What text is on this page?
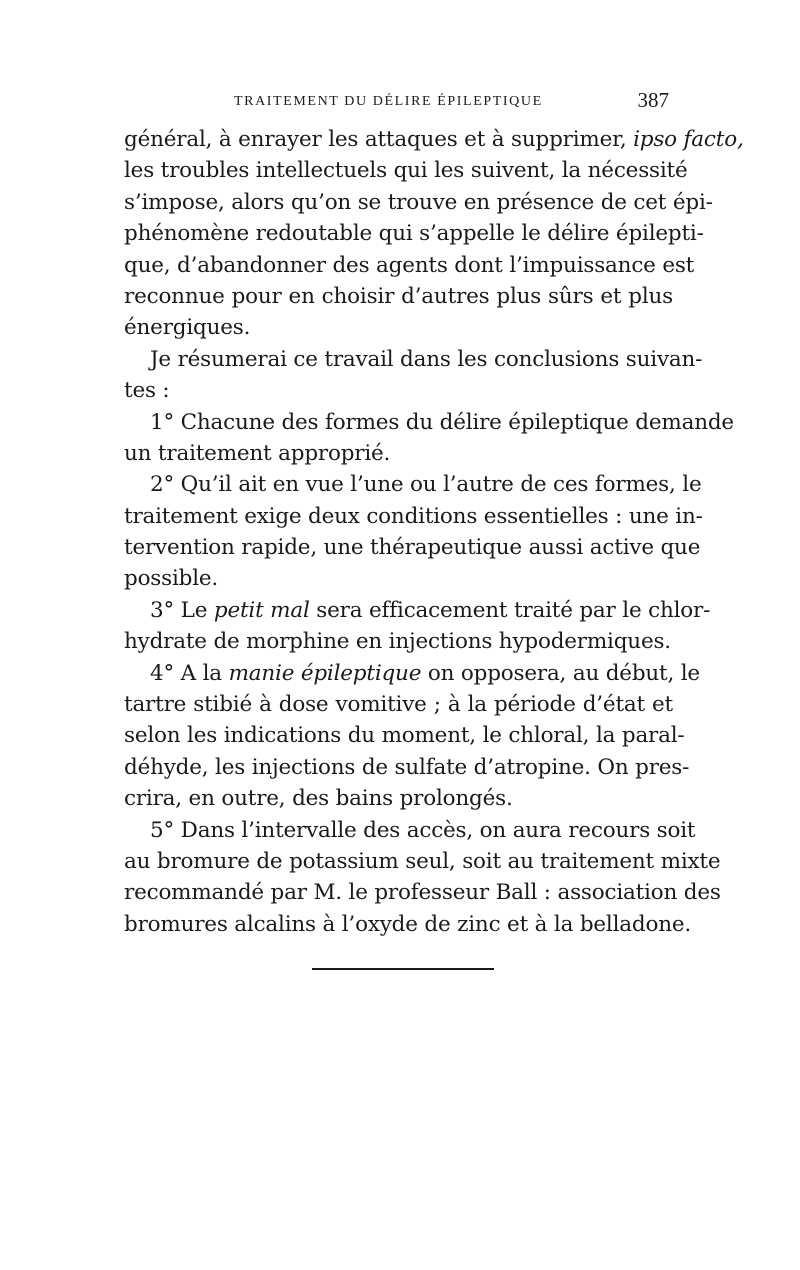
TRAITEMENT DU DÉLIRE ÉPILEPTIQUE	387
général, à enrayer les attaques et à supprimer, ipso facto,
les troubles intellectuels qui les suivent, la nécessité
s’impose, alors qu’on se trouve en présence de cet épi-
phénomène redoutable qui s’appelle le délire épilepti-
que, d’abandonner des agents dont l’impuissance est
reconnue pour en choisir d’autres plus sûrs et plus
énergiques.
Je résumerai ce travail dans les conclusions suivan-
tes :
1° Chacune des formes du délire épileptique demande
un traitement approprié.
2° Qu’il ait en vue l’une ou l’autre de ces formes, le
traitement exige deux conditions essentielles : une in-
tervention rapide, une thérapeutique aussi active que
possible.
3° Le petit mal sera efficacement traité par le chlor-
hydrate de morphine en injections hypodermiques.
4° A la manie épileptique on opposera, au début, le
tartre stibié à dose vomitive ; à la période d’état et
selon les indications du moment, le chloral, la paral-
déhyde, les injections de sulfate d’atropine. On pres-
crira, en outre, des bains prolongés.
5° Dans l’intervalle des accès, on aura recours soit
au bromure de potassium seul, soit au traitement mixte
recommandé par M. le professeur Ball : association des
bromures alcalins à l’oxyde de zinc et à la belladone.
